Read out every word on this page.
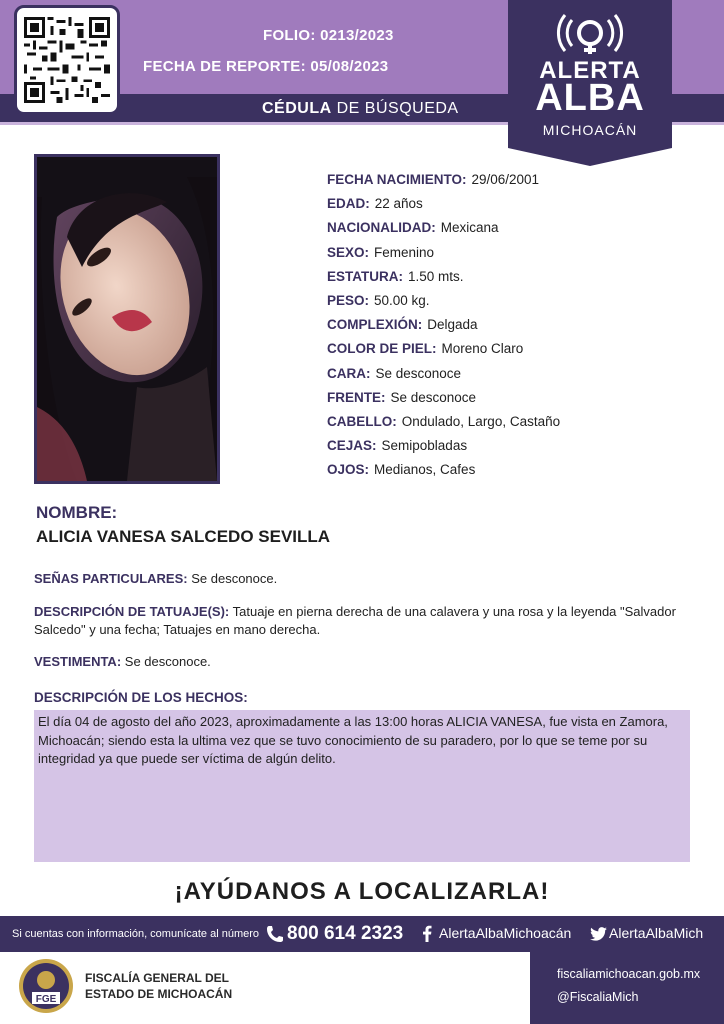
FOLIO: 0213/2023
FECHA DE REPORTE: 05/08/2023
CÉDULA DE BÚSQUEDA
ALERTA
ALBA
MICHOACÁN
FECHA NACIMIENTO: 29/06/2001
EDAD: 22 años
NACIONALIDAD: Mexicana
SEXO: Femenino
ESTATURA: 1.50 mts.
PESO: 50.00 kg.
COMPLEXIÓN: Delgada
COLOR DE PIEL: Moreno Claro
CARA: Se desconoce
FRENTE: Se desconoce
CABELLO: Ondulado, Largo, Castaño
CEJAS: Semipobladas
OJOS: Medianos, Cafes
NOMBRE:
ALICIA VANESA SALCEDO SEVILLA
SEÑAS PARTICULARES: Se desconoce.
DESCRIPCIÓN DE TATUAJE(S): Tatuaje en pierna derecha de una calavera y una rosa y la leyenda "Salvador Salcedo" y una fecha; Tatuajes en mano derecha.
VESTIMENTA: Se desconoce.
DESCRIPCIÓN DE LOS HECHOS:
El día 04 de agosto del año 2023, aproximadamente a las 13:00 horas ALICIA VANESA, fue vista en Zamora, Michoacán; siendo esta la ultima vez que se tuvo conocimiento de su paradero, por lo que se teme por su integridad ya que puede ser víctima de algún delito.
¡AYÚDANOS A LOCALIZARLA!
Si cuentas con información, comunícate al número 800 614 2323	AlertaAlbaMichoacán	AlertaAlbaMich
FGE
FISCALÍA GENERAL DEL
ESTADO DE MICHOACÁN
fiscaliamichoacan.gob.mx
@FiscaliaMich
